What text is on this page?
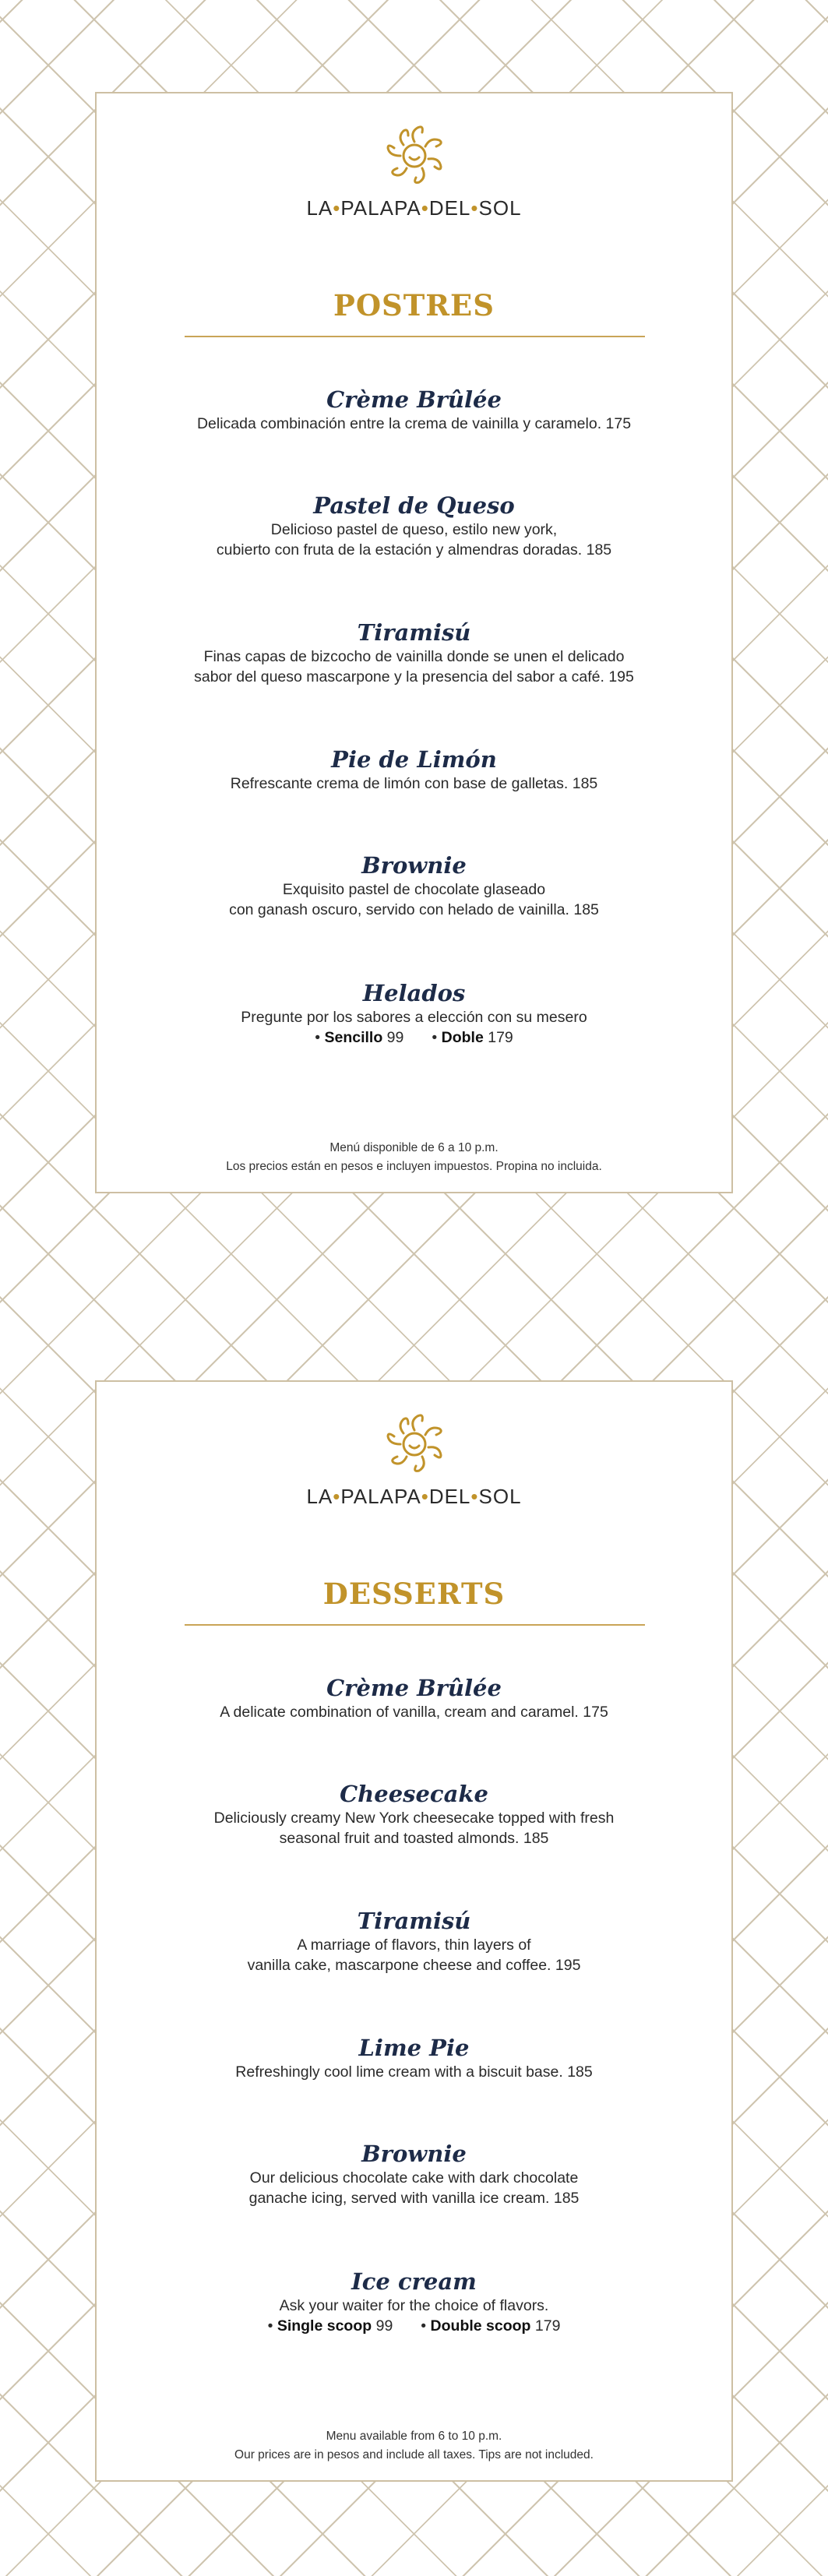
LA•PALAPA•DEL•SOL
POSTRES
Crème Brûlée
Delicada combinación entre la crema de vainilla y caramelo. 175
Pastel de Queso
Delicioso pastel de queso, estilo new york,
cubierto con fruta de la estación y almendras doradas. 185
Tiramisú
Finas capas de bizcocho de vainilla donde se unen el delicado
sabor del queso mascarpone y la presencia del sabor a café. 195
Pie de Limón
Refrescante crema de limón con base de galletas. 185
Brownie
Exquisito pastel de chocolate glaseado
con ganash oscuro, servido con helado de vainilla. 185
Helados
Pregunte por los sabores a elección con su mesero
• Sencillo 99 • Doble 179
Menú disponible de 6 a 10 p.m.
Los precios están en pesos e incluyen impuestos. Propina no incluida.
LA•PALAPA•DEL•SOL
DESSERTS
Crème Brûlée
A delicate combination of vanilla, cream and caramel. 175
Cheesecake
Deliciously creamy New York cheesecake topped with fresh
seasonal fruit and toasted almonds. 185
Tiramisú
A marriage of flavors, thin layers of
vanilla cake, mascarpone cheese and coffee. 195
Lime Pie
Refreshingly cool lime cream with a biscuit base. 185
Brownie
Our delicious chocolate cake with dark chocolate
ganache icing, served with vanilla ice cream. 185
Ice cream
Ask your waiter for the choice of flavors.
• Single scoop 99 • Double scoop 179
Menu available from 6 to 10 p.m.
Our prices are in pesos and include all taxes. Tips are not included.
